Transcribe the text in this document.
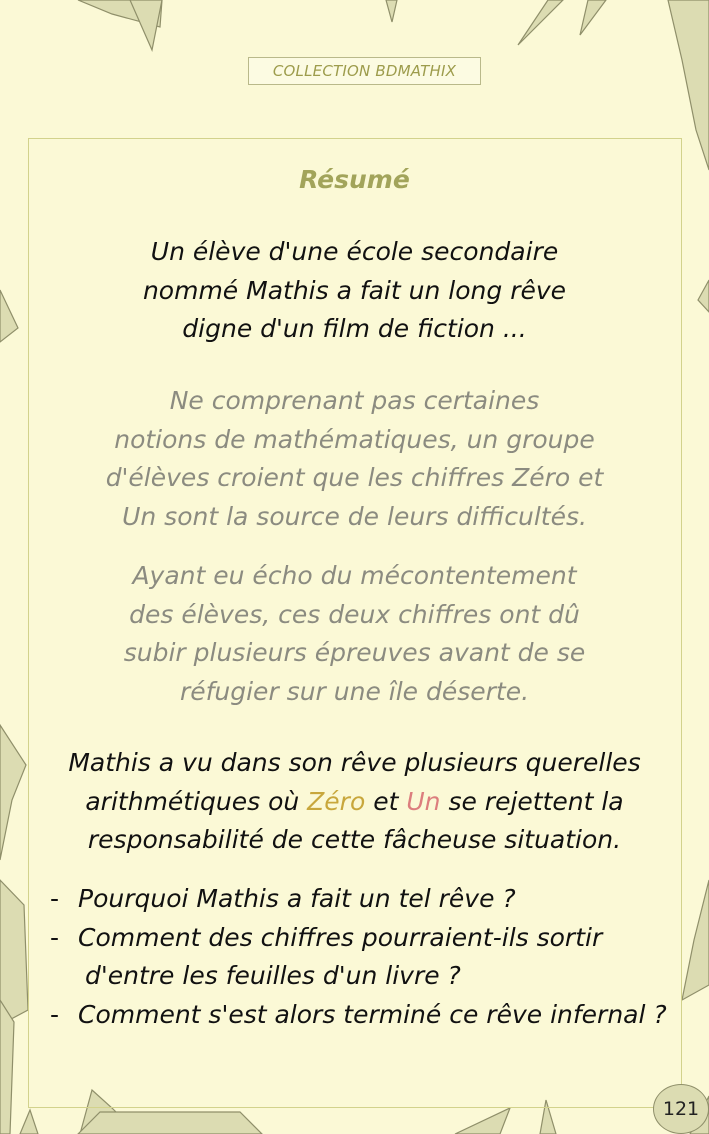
COLLECTION BDMATHIX
Résumé
Un élève d'une école secondaire
nommé Mathis a fait un long rêve
digne d'un film de fiction ...
Ne comprenant pas certaines
notions de mathématiques, un groupe
d'élèves croient que les chiffres Zéro et
Un sont la source de leurs difficultés.
Ayant eu écho du mécontentement
des élèves, ces deux chiffres ont dû
subir plusieurs épreuves avant de se
réfugier sur une île déserte.
Mathis a vu dans son rêve plusieurs querelles
arithmétiques où Zéro et Un se rejettent la
responsabilité de cette fâcheuse situation.
- Pourquoi Mathis a fait un tel rêve ?
- Comment des chiffres pourraient-ils sortir
d'entre les feuilles d'un livre ?
- Comment s'est alors terminé ce rêve infernal ?
121
